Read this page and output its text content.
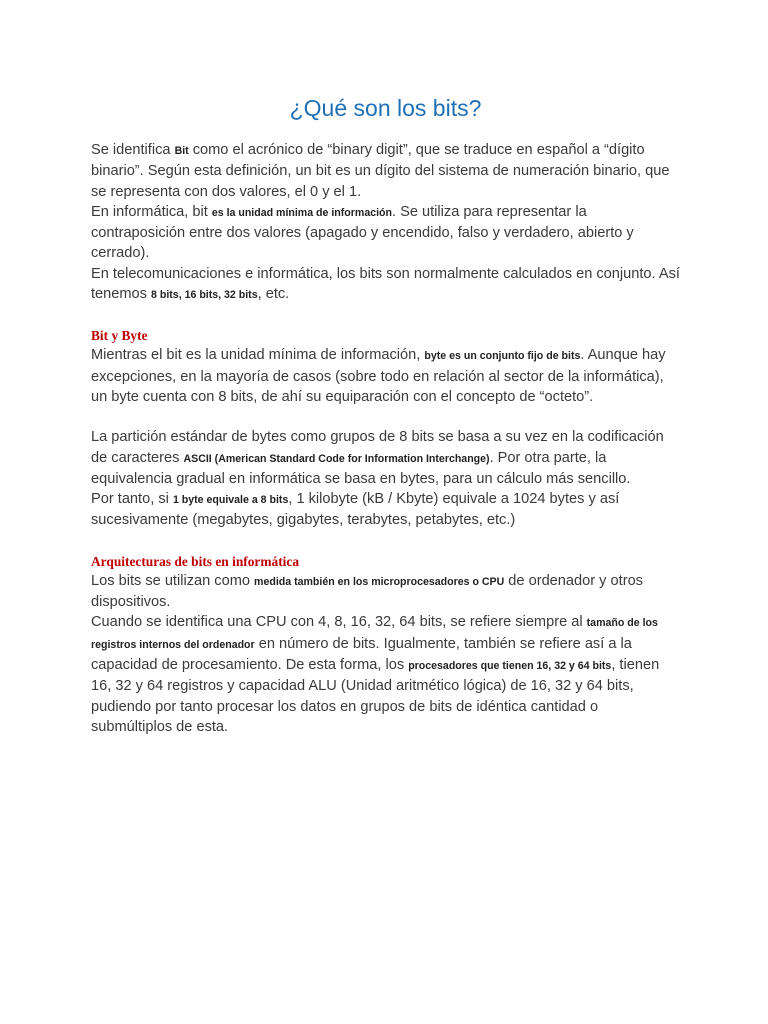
¿Qué son los bits?

Se identifica Bit como el acrónico de “binary digit”, que se traduce en español a “dígito binario”. Según esta definición, un bit es un dígito del sistema de numeración binario, que se representa con dos valores, el 0 y el 1.

En informática, bit es la unidad mínima de información. Se utiliza para representar la contraposición entre dos valores (apagado y encendido, falso y verdadero, abierto y cerrado).

En telecomunicaciones e informática, los bits son normalmente calculados en conjunto. Así tenemos 8 bits, 16 bits, 32 bits, etc.

Bit y Byte

Mientras el bit es la unidad mínima de información, byte es un conjunto fijo de bits. Aunque hay excepciones, en la mayoría de casos (sobre todo en relación al sector de la informática), un byte cuenta con 8 bits, de ahí su equiparación con el concepto de “octeto”.

La partición estándar de bytes como grupos de 8 bits se basa a su vez en la codificación de caracteres ASCII (American Standard Code for Information Interchange). Por otra parte, la equivalencia gradual en informática se basa en bytes, para un cálculo más sencillo.

Por tanto, si 1 byte equivale a 8 bits, 1 kilobyte (kB / Kbyte) equivale a 1024 bytes y así sucesivamente (megabytes, gigabytes, terabytes, petabytes, etc.)

Arquitecturas de bits en informática

Los bits se utilizan como medida también en los microprocesadores o CPU de ordenador y otros dispositivos.

Cuando se identifica una CPU con 4, 8, 16, 32, 64 bits, se refiere siempre al tamaño de los registros internos del ordenador en número de bits. Igualmente, también se refiere así a la capacidad de procesamiento. De esta forma, los procesadores que tienen 16, 32 y 64 bits, tienen 16, 32 y 64 registros y capacidad ALU (Unidad aritmético lógica) de 16, 32 y 64 bits, pudiendo por tanto procesar los datos en grupos de bits de idéntica cantidad o submúltiplos de esta.
